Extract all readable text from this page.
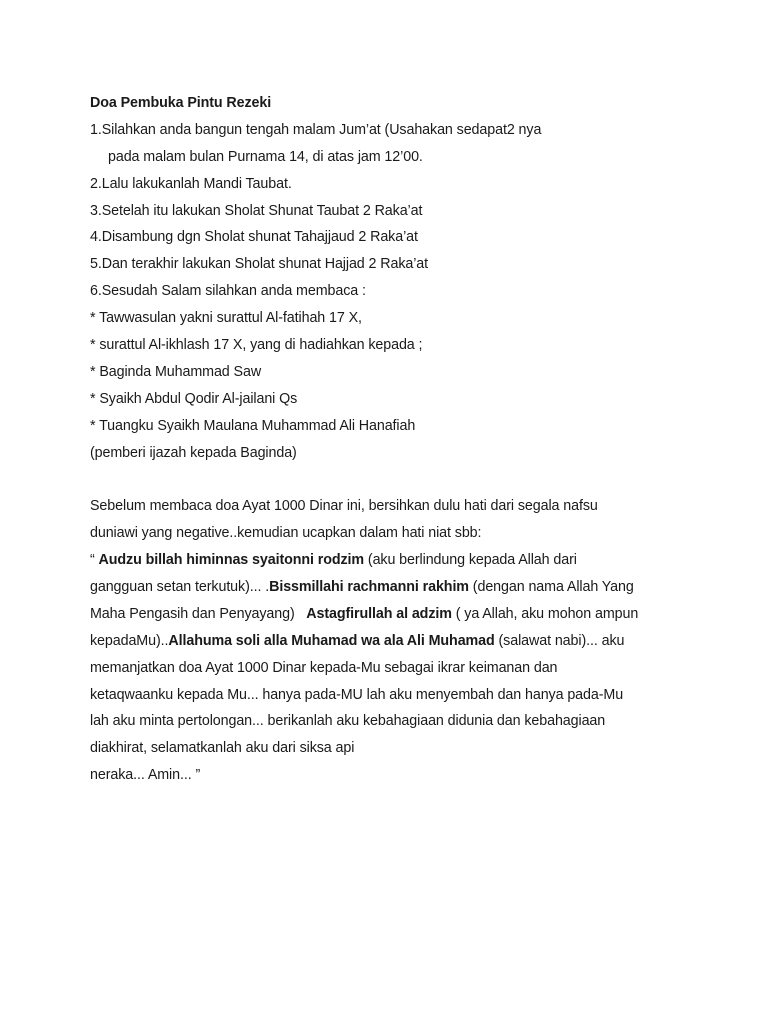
Doa Pembuka Pintu Rezeki
1.Silahkan anda bangun tengah malam Jum’at (Usahakan sedapat2 nya
pada malam bulan Purnama 14, di atas jam 12’00.
2.Lalu lakukanlah Mandi Taubat.
3.Setelah itu lakukan Sholat Shunat Taubat 2 Raka’at
4.Disambung dgn Sholat shunat Tahajjaud 2 Raka’at
5.Dan terakhir lakukan Sholat shunat Hajjad 2 Raka’at
6.Sesudah Salam silahkan anda membaca :
* Tawwasulan yakni surattul Al-fatihah 17 X,
* surattul Al-ikhlash 17 X, yang di hadiahkan kepada ;
* Baginda Muhammad Saw
* Syaikh Abdul Qodir Al-jailani Qs
* Tuangku Syaikh Maulana Muhammad Ali Hanafiah
(pemberi ijazah kepada Baginda)
Sebelum membaca doa Ayat 1000 Dinar ini, bersihkan dulu hati dari segala nafsu
duniawi yang negative..kemudian ucapkan dalam hati niat sbb:
“ Audzu billah himinnas syaitonni rodzim (aku berlindung kepada Allah dari
gangguan setan terkutuk)... .Bissmillahi rachmanni rakhim (dengan nama Allah Yang
Maha Pengasih dan Penyayang)   Astagfirullah al adzim ( ya Allah, aku mohon ampun
kepadaMu)..Allahuma soli alla Muhamad wa ala Ali Muhamad (salawat nabi)... aku
memanjatkan doa Ayat 1000 Dinar kepada-Mu sebagai ikrar keimanan dan
ketaqwaanku kepada Mu... hanya pada-MU lah aku menyembah dan hanya pada-Mu
lah aku minta pertolongan... berikanlah aku kebahagiaan didunia dan kebahagiaan
diakhirat, selamatkanlah aku dari siksa api
neraka... Amin... ”
